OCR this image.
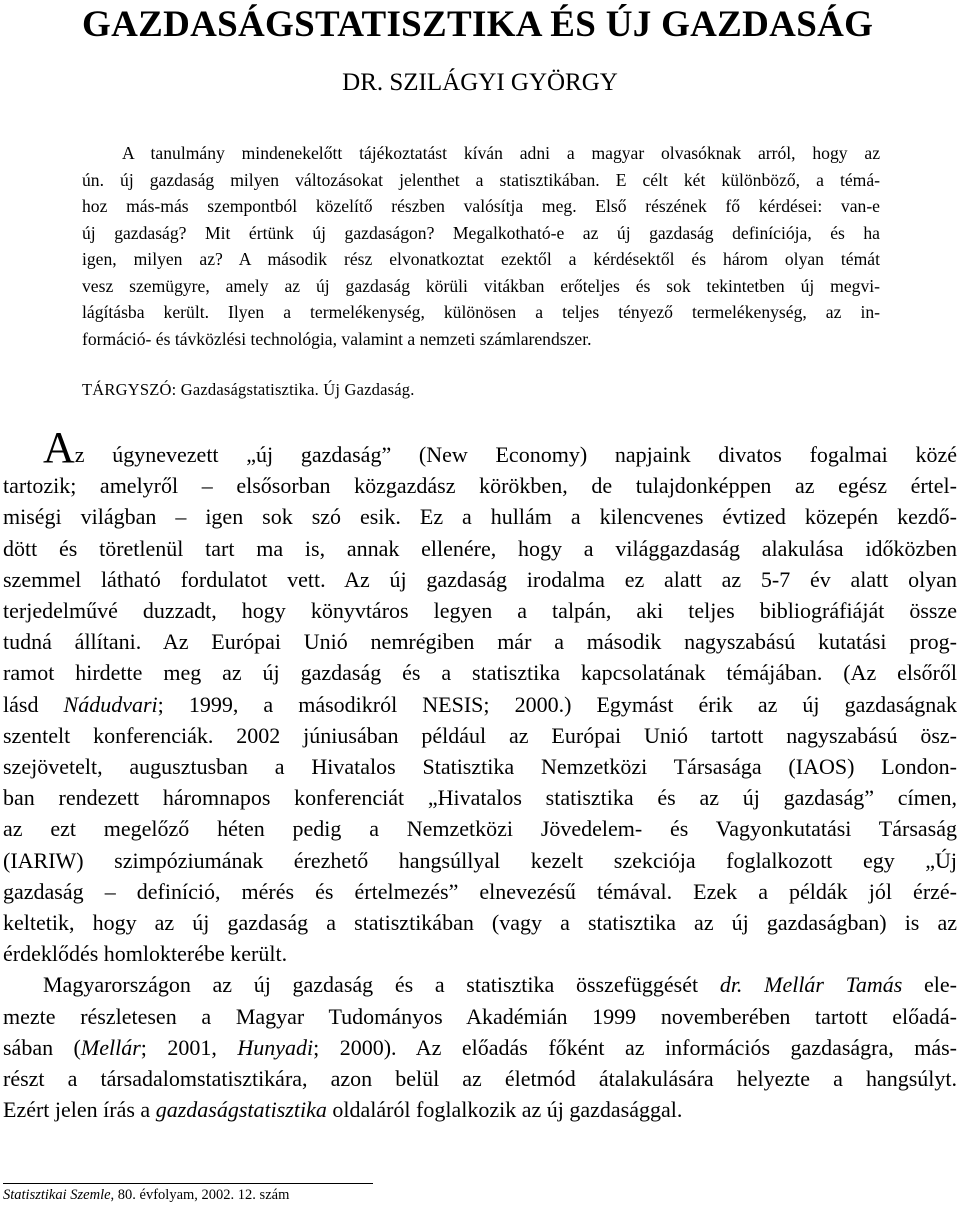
GAZDASÁGSTATISZTIKA ÉS ÚJ GAZDASÁG
DR. SZILÁGYI GYÖRGY

A tanulmány mindenekelőtt tájékoztatást kíván adni a magyar olvasóknak arról, hogy az
ún. új gazdaság milyen változásokat jelenthet a statisztikában. E célt két különböző, a témá-
hoz más-más szempontból közelítő részben valósítja meg. Első részének fő kérdései: van-e
új gazdaság? Mit értünk új gazdaságon? Megalkotható-e az új gazdaság definíciója, és ha
igen, milyen az? A második rész elvonatkoztat ezektől a kérdésektől és három olyan témát
vesz szemügyre, amely az új gazdaság körüli vitákban erőteljes és sok tekintetben új megvi-
lágításba került. Ilyen a termelékenység, különösen a teljes tényező termelékenység, az in-
formáció- és távközlési technológia, valamint a nemzeti számlarendszer.

TÁRGYSZÓ: Gazdaságstatisztika. Új Gazdaság.

Az úgynevezett „új gazdaság” (New Economy) napjaink divatos fogalmai közé
tartozik; amelyről – elsősorban közgazdász körökben, de tulajdonképpen az egész értel-
miségi világban – igen sok szó esik. Ez a hullám a kilencvenes évtized közepén kezdő-
dött és töretlenül tart ma is, annak ellenére, hogy a világgazdaság alakulása időközben
szemmel látható fordulatot vett. Az új gazdaság irodalma ez alatt az 5-7 év alatt olyan
terjedelművé duzzadt, hogy könyvtáros legyen a talpán, aki teljes bibliográfiáját össze
tudná állítani. Az Európai Unió nemrégiben már a második nagyszabású kutatási prog-
ramot hirdette meg az új gazdaság és a statisztika kapcsolatának témájában. (Az elsőről
lásd Nádudvari; 1999, a másodikról NESIS; 2000.) Egymást érik az új gazdaságnak
szentelt konferenciák. 2002 júniusában például az Európai Unió tartott nagyszabású ösz-
szejövetelt, augusztusban a Hivatalos Statisztika Nemzetközi Társasága (IAOS) London-
ban rendezett háromnapos konferenciát „Hivatalos statisztika és az új gazdaság” címen,
az ezt megelőző héten pedig a Nemzetközi Jövedelem- és Vagyonkutatási Társaság
(IARIW) szimpóziumának érezhető hangsúllyal kezelt szekciója foglalkozott egy „Új
gazdaság – definíció, mérés és értelmezés” elnevezésű témával. Ezek a példák jól érzé-
keltetik, hogy az új gazdaság a statisztikában (vagy a statisztika az új gazdaságban) is az
érdeklődés homlokterébe került.

Magyarországon az új gazdaság és a statisztika összefüggését dr. Mellár Tamás ele-
mezte részletesen a Magyar Tudományos Akadémián 1999 novemberében tartott előadá-
sában (Mellár; 2001, Hunyadi; 2000). Az előadás főként az információs gazdaságra, más-
részt a társadalomstatisztikára, azon belül az életmód átalakulására helyezte a hangsúlyt.
Ezért jelen írás a gazdaságstatisztika oldaláról foglalkozik az új gazdasággal.

Statisztikai Szemle, 80. évfolyam, 2002. 12. szám
